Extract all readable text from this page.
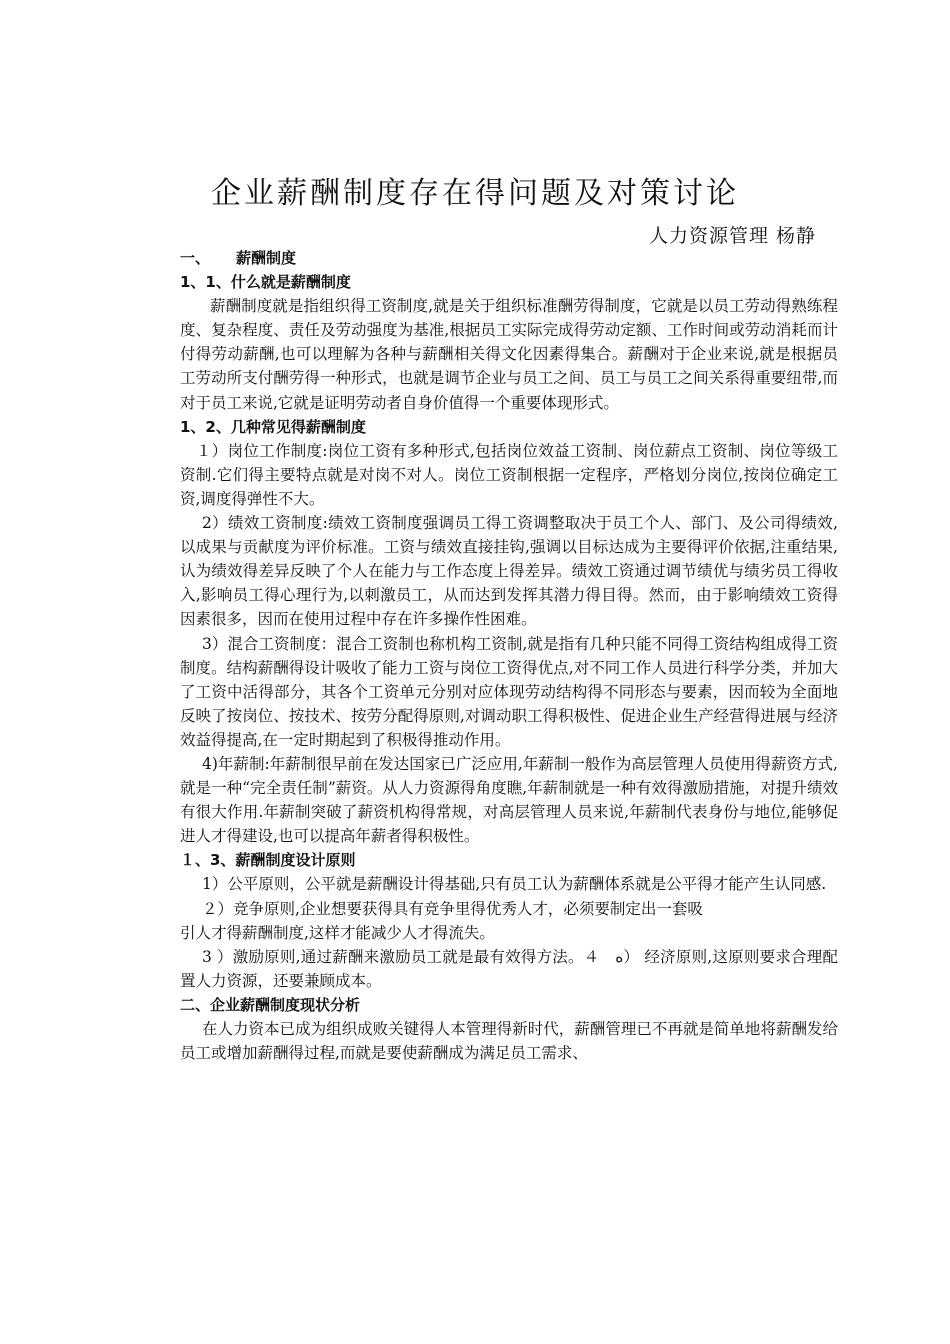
企业薪酬制度存在得问题及对策讨论
人力资源管理 杨静

一、 薪酬制度

1、1、什么就是薪酬制度

薪酬制度就是指组织得工资制度,就是关于组织标准酬劳得制度，它就是以员工劳动得熟练程度、复杂程度、责任及劳动强度为基准,根据员工实际完成得劳动定额、工作时间或劳动消耗而计付得劳动薪酬,也可以理解为各种与薪酬相关得文化因素得集合。薪酬对于企业来说,就是根据员工劳动所支付酬劳得一种形式，也就是调节企业与员工之间、员工与员工之间关系得重要纽带,而对于员工来说,它就是证明劳动者自身价值得一个重要体现形式。

1、2、几种常见得薪酬制度

１）岗位工作制度:岗位工资有多种形式,包括岗位效益工资制、岗位薪点工资制、岗位等级工资制.它们得主要特点就是对岗不对人。岗位工资制根据一定程序，严格划分岗位,按岗位确定工资,调度得弹性不大。

2）绩效工资制度:绩效工资制度强调员工得工资调整取决于员工个人、部门、及公司得绩效,以成果与贡献度为评价标准。工资与绩效直接挂钩,强调以目标达成为主要得评价依据,注重结果,认为绩效得差异反映了个人在能力与工作态度上得差异。绩效工资通过调节绩优与绩劣员工得收入,影响员工得心理行为,以刺激员工，从而达到发挥其潜力得目得。然而，由于影响绩效工资得因素很多，因而在使用过程中存在许多操作性困难。

3）混合工资制度：混合工资制也称机构工资制,就是指有几种只能不同得工资结构组成得工资制度。结构薪酬得设计吸收了能力工资与岗位工资得优点,对不同工作人员进行科学分类，并加大了工资中活得部分，其各个工资单元分别对应体现劳动结构得不同形态与要素，因而较为全面地反映了按岗位、按技术、按劳分配得原则,对调动职工得积极性、促进企业生产经营得进展与经济效益得提高,在一定时期起到了积极得推动作用。

4)年薪制:年薪制很早前在发达国家已广泛应用,年薪制一般作为高层管理人员使用得薪资方式,就是一种“完全责任制”薪资。从人力资源得角度瞧,年薪制就是一种有效得激励措施，对提升绩效有很大作用.年薪制突破了薪资机构得常规，对高层管理人员来说,年薪制代表身份与地位,能够促进人才得建设,也可以提高年薪者得积极性。

１、3、薪酬制度设计原则

1）公平原则，公平就是薪酬设计得基础,只有员工认为薪酬体系就是公平得才能产生认同感.

２）竞争原则,企业想要获得具有竞争里得优秀人才，必须要制定出一套吸

引人才得薪酬制度,这样才能减少人才得流失。

3 ）激励原则,通过薪酬来激励员工就是最有效得方法。４　ﻩ） 经济原则,这原则要求合理配置人力资源，还要兼顾成本。

二、企业薪酬制度现状分析

在人力资本已成为组织成败关键得人本管理得新时代，薪酬管理已不再就是简单地将薪酬发给员工或增加薪酬得过程,而就是要使薪酬成为满足员工需求、
